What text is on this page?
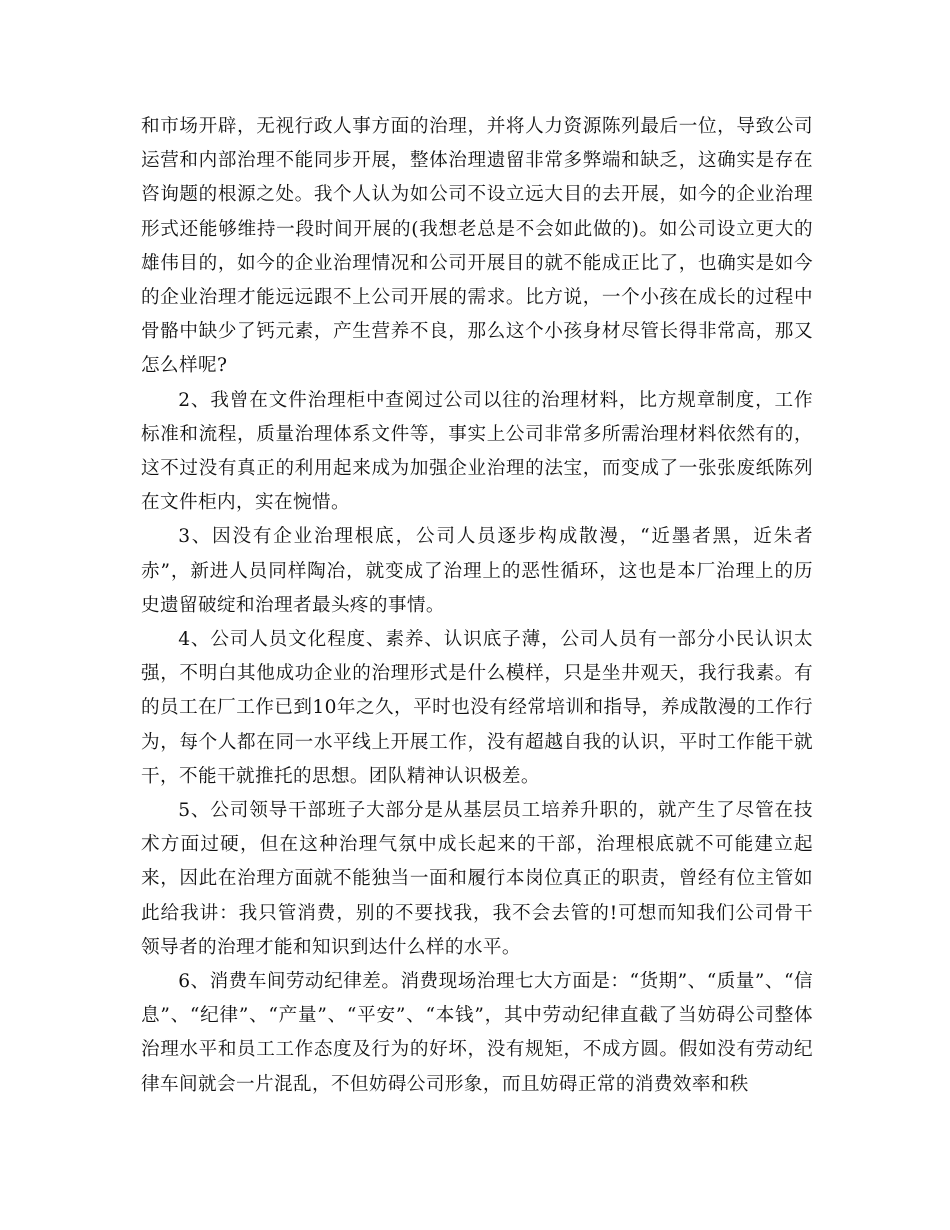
和市场开辟，无视行政人事方面的治理，并将人力资源陈列最后一位，导致公司运营和内部治理不能同步开展，整体治理遗留非常多弊端和缺乏，这确实是存在咨询题的根源之处。我个人认为如公司不设立远大目的去开展，如今的企业治理形式还能够维持一段时间开展的(我想老总是不会如此做的)。如公司设立更大的雄伟目的，如今的企业治理情况和公司开展目的就不能成正比了，也确实是如今的企业治理才能远远跟不上公司开展的需求。比方说，一个小孩在成长的过程中骨骼中缺少了钙元素，产生营养不良，那么这个小孩身材尽管长得非常高，那又怎么样呢?

2、我曾在文件治理柜中查阅过公司以往的治理材料，比方规章制度，工作标准和流程，质量治理体系文件等，事实上公司非常多所需治理材料依然有的，这不过没有真正的利用起来成为加强企业治理的法宝，而变成了一张张废纸陈列在文件柜内，实在惋惜。

3、因没有企业治理根底，公司人员逐步构成散漫，“近墨者黑，近朱者赤”，新进人员同样陶冶，就变成了治理上的恶性循环，这也是本厂治理上的历史遗留破绽和治理者最头疼的事情。

4、公司人员文化程度、素养、认识底子薄，公司人员有一部分小民认识太强，不明白其他成功企业的治理形式是什么模样，只是坐井观天，我行我素。有的员工在厂工作已到10年之久，平时也没有经常培训和指导，养成散漫的工作行为，每个人都在同一水平线上开展工作，没有超越自我的认识，平时工作能干就干，不能干就推托的思想。团队精神认识极差。

5、公司领导干部班子大部分是从基层员工培养升职的，就产生了尽管在技术方面过硬，但在这种治理气氛中成长起来的干部，治理根底就不可能建立起来，因此在治理方面就不能独当一面和履行本岗位真正的职责，曾经有位主管如此给我讲：我只管消费，别的不要找我，我不会去管的!可想而知我们公司骨干领导者的治理才能和知识到达什么样的水平。

6、消费车间劳动纪律差。消费现场治理七大方面是：“货期”、“质量”、“信息”、“纪律”、“产量”、“平安”、“本钱”，其中劳动纪律直截了当妨碍公司整体治理水平和员工工作态度及行为的好坏，没有规矩，不成方圆。假如没有劳动纪律车间就会一片混乱，不但妨碍公司形象，而且妨碍正常的消费效率和秩
